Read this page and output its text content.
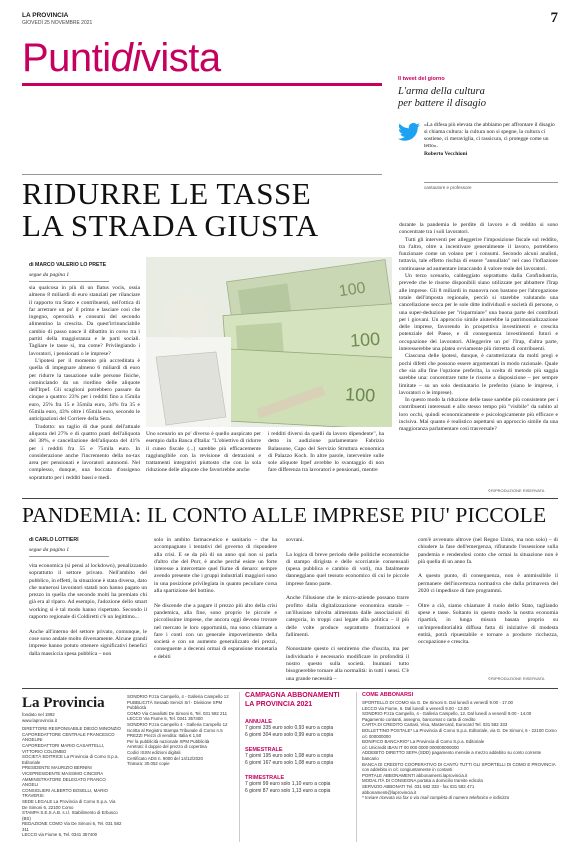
LA PROVINCIA
GIOVEDÌ 25 NOVEMBRE 2021	7
Puntidivista	Il tweet del giorno
L'arma della cultura
per battere il disagio
«La difesa più elevata che abbiamo per affrontare il disagio si chiama cultura: la cultura non si spegne, la cultura ci sostiene, ci meraviglia, ci rassicura, ci protegge come un tetto».
Roberto Vecchioni
cantautore e professore
RIDURRE LE TASSE
LA STRADA GIUSTA
di MARCO VALERIO LO PRETE
segue da pagina 1

sia qualcosa in più di un flatus vocis, ossia almeno 8 miliardi di euro stanziati per rilanciare il rapporto tra Stato e contribuenti, nell'ottica di far arretrare un po' il primo e lasciare così che ingegno, operosità e consumi del secondo alimentino la crescita. Da quest'irrinunciabile cambio di passo nasce il dibattito in corso tra i partiti della maggioranza e le parti sociali. Tagliare le tasse sì, ma come? Privilegiando i lavoratori, i pensionati o le imprese?

L'ipotesi per il momento più accreditata è quella di impegnare almeno 6 miliardi di euro per ridurre la tassazione sulle persone fisiche, cominciando da un riordino delle aliquote dell'Irpef. Gli scaglioni potrebbero passare da cinque a quattro: 23% per i redditi fino a 15mila euro, 25% fra 15 e 35mila euro, 34% fra 35 e 65mila euro, 43% oltre i 65mila euro, secondo le anticipazioni del Corriere della Sera.

Tradotto: un taglio di due punti dell'attuale aliquota del 27% e di quattro punti dell'aliquota del 38%, e cancellazione dell'aliquota del 41% per i redditi fra 55 e 75mila euro. In considerazione anche l'incremento della no-tax area per pensionati e lavoratori autonomi. Nel complesso, dunque, una boccata d'ossigeno soprattutto per i redditi bassi e medi.

100
100
100

Uno scenario un po' diverso è quello auspicato per esempio dalla Banca d'Italia: "L'obiettivo di ridurre il cuneo fiscale (...) sarebbe più efficacemente raggiungibile con la revisione di detrazioni e trattamenti integrativi piuttosto che con la sola riduzione delle aliquote che favorirebbe anche

i redditi diversi da quelli da lavoro dipendente", ha detto in audizione parlamentare Fabrizio Balassone, Capo del Servizio Struttura economica di Palazzo Koch. In altre parole, intervenire sulle sole aliquote Irpef avrebbe lo svantaggio di non fare differenza tra lavoratori e pensionati, mentre

durante la pandemia le perdite di lavoro e di reddito si sono concentrate tra i soli lavoratori.

Tutti gli interventi per alleggerire l'imposizione fiscale sul reddito, tra l'altro, oltre a incentivare generalmente il lavoro, potrebbero funzionare come un volano per i consumi. Secondo alcuni analisti, tuttavia, tale effetto rischia di essere "annullato" nel caso l'inflazione continuasse ad aumentare intaccando il valore reale dei lavoratori.

Un terzo scenario, caldeggiato soprattutto dalla Confindustria, prevede che le risorse disponibili siano utilizzate per abbattere l'Irap alle imprese. Gli 8 miliardi in manovra non bastano per l'abrogazione totale dell'imposta regionale, perciò si starebbe valutando una cancellazione secca per le sole ditte individuali e società di persone, o una super-deduzione per "risparmiare" una buona parte dei contributi per i giovani. Un approccio simile aiuterebbe la patrimonializzazione delle imprese, favorendo in prospettiva investimenti e crescita potenziale del Paese, e di conseguenza investimenti futuri e occupazione dei lavoratori. Alleggerire un po' l'Irap, d'altra parte, interesserebbe una platea ovviamente più ristretta di contribuenti.

Ciascuna delle ipotesi, dunque, è caratterizzata da molti pregi e pochi difetti che possono essere argomentati in modo razionale. Quale che sia alla fine l'opzione preferita, la scelta di metodo più saggia sarebbe una: concentrare tutte le risorse a disposizione – per sempre limitate – su un solo destinatario le preferito (siano le imprese, i lavoratori o le imprese).

In questo modo la riduzione delle tasse sarebbe più consistente per i contribuenti interessati e allo stesso tempo più "visibile" da subito al loro occhi, quindi economicamente e psicologicamente più efficace e incisiva. Mai quanto è realistico aspettarsi un approccio simile da una maggioranza parlamentare così trasversale?

©RIPRODUZIONE RISERVATA
PANDEMIA: IL CONTO ALLE IMPRESE PIU' PICCOLE
di CARLO LOTTIERI
segue da pagina 1
vita economica (si pensi al lockdown), penalizzando soprattutto il settore privato. Nell'ambito del pubblico, in effetti, la situazione è stata diversa, dato che numerosi lavoratori statali non hanno pagato un prezzo in quella che secondo molti ha premiato chi già era al riparo. Ad esempio, l'adozione dello smart working si è tal modo hanno rispettato. Secondo il rapporto regionale di Coldiretti c'è un legittimo...

Anche all'interno del settore privato, comunque, le cose sono andate molto diversamente. Alcune grandi imprese hanno potuto ottenere significativi benefici dalla massiccia spesa pubblica – non
solo in ambito farmaceutico e sanitario – che ha accompagnato i tentativi del governo di rispondere alla crisi. E se da più di un anno qui non si parla d'altro che del Pnrr, è anche perché esiste un forte interesse a intercettare quel fiume di denaro: sempre avendo presente che i gruppi industriali maggiori sono in una posizione privilegiata in quanto peculiare corsa alla spartizione del bottino.

Ne discende che a pagare il prezzo più alto della crisi pandemica, alla fine, sono proprio le piccole e piccolissime imprese, che ancora oggi devono trovare nel mercato le loro opportunità, ma sono chiamate a fare i conti con un generale impoverimento della società e con un aumento generalizzato dei prezzi, conseguente a decenni ormai di espansione monetaria e debiti
sovrani.

La logica di breve periodo delle politiche economiche di stampo dirigista e delle scorciatoie consensuali (spesa pubblica e cambio di voti), ma fatalmente danneggiano quel tessuto economico di cui le piccole imprese fanno parte.

Anche l'illusione che le micro-aziende possano trarre profitto dalla digitalizzazione economica statale – un'illusione talvolta alimentata dalle associazioni di categoria, in troppi casi legate alla politica – il più delle volte produce soprattutto frustrazioni e fallimenti.

Nonostante questo ci sentiremo che d'uscita, ma per individuarlo è necessario modificare in profondità il nostro questo sulla società. Inumani tutto bisognerebbe tornare alla normalità: in tutti i sensi. C'è una grande necessità –
com'è avvenuto altrove (nel Regno Unito, ma non solo) – di chiudere la fase dell'emergenza, rifiutando l'ossessione sulla pandemia e rendendosi conto che ormai la situazione non è più quella di un anno fa.

A questo punto, di conseguenza, non è ammissibile il permanere dell'incertezza normativa che dalla primavera del 2020 ci impedisce di fare programmi.

Oltre a ciò, siamo chiamare il ruolo dello Stato, tagliando spese e tasse. Soltanto in questo modo la nostra economia ripartirà, in lunga misura basata proprio su un'imprenditorialità diffusa fatta di iniziative di modesta entità, potrà ripuestabile e tornare a produrre ricchezza, occupazione e crescita.
©RIPRODUZIONE RISERVATA
La Provincia
fondato nel 1892
www.laprovincia.it
DIRETTORE RESPONSABILE DIEGO MINONZIO
CAPOREDATTORE CENTRALE FRANCESCO ANGELINI
CAPOREDATTORI MARIO CASARTELLI, VITTORIO COLOMBO
SOCIETÀ EDITRICE La Provincia di Como S.p.a. Editoriale
PRESIDENTE MAURIZIO BERNINI
VICEPRESIDENTE MASSIMO CINCERA
AMMINISTRATORE DELEGATO FRANCO ANGELI
CONSIGLIERI ALBERTO BOSELLI, MARIO TRAVERSI
SEDE LEGALE La Provincia di Como S.p.a. Via De Simoni 6, 22100 Como
STAMPA S.E.S.A.B. s.r.l. Stabilimento di Erbusco (BS)
REDAZIONE COMO Via De Simoni 6, Tel. 031 582 311
LECCO via Fiume 6, Tel. 0341 357400
SONDRIO P.zza Campello, 4 - Galleria Campello 12
PUBBLICITÀ Sesaab Servizi Srl - Divisione SPM Pubblicità
COMO Via Cavallotti De Simoni 6, Tel. 031 582 211
LECCO Via Fiume 6, Tel. 0341 357400
SONDRIO P.zza Campello 4 - Galleria Campello 12
Iscritta al Registro Stampa Tribunale di Como n.5
PREZZI Prezzi di vendita: Italia € 1,50
Per la pubblicità nazionale SPM Pubblicità
Arretrati: il doppio del prezzo di copertina
Codici ISSN edizioni digitali
Certificato ADS n. 9000 del 14/12/2020
Tiratura: 30.052 copie
CAMPAGNA ABBONAMENTI
LA PROVINCIA 2021
ANNUALE
7 giorni 335 euro solo 0,93 euro a copia
6 giorni 304 euro solo 0,99 euro a copia
SEMESTRALE
7 giorni 195 euro solo 1,08 euro a copia
6 giorni 167 euro solo 1,08 euro a copia
TRIMESTRALE
7 giorni 99 euro solo 1,10 euro a copia
6 giorni 87 euro solo 1,13 euro a copia
COME ABBONARSI
SPORTELLO DI COMO via G. De Simoni 6. Dal lunedì a venerdì 9.00 - 17.00
LECCO via Fiume, 6. Dal lunedì a venerdì 9.00 - 13.00
SONDRIO P.zza Campello, 4 - Galleria Campello, 12. Dal lunedì a venerdì 9.00 - 14.00
Pagamento contanti, assegno, bancomat o carta di credito
CARTA DI CREDITO Cartasì, Visa, Mastercard, Eurocard Tel. 031 582 333
BOLLETTINO POSTALE* La Provincia di Como S.p.a. Editoriale, via G. De Simoni, 6 - 22100 Como c/c 000000000
BONIFICO BANCARIO* La Provincia di Como S.p.a. Editoriale
c/c Unicredit IBAN IT 00 000 0000 000000000000
ADDEBITO DIRETTO SEPA (SDD) pagamento mensile a mezzo addebito su conto corrente bancario
BANCA DI CREDITO COOPERATIVO DI CANTÙ TUTTI GLI SPORTELLI DI COMO E PROVINCIA con addebito in c/c congiuntamente in contanti
PORTALE ABBONAMENTI abbonamenti.laprovincia.it
MODALITÀ DI CONSEGNA portata a domicilio tramite edicola
SERVIZIO ABBONATI Tel. 031 582 333 - fax 031 582 471
abbonamenti@laprovincia.it
* Inviare ricevuta via fax o via mail completa di numero telefonico e indirizzo
